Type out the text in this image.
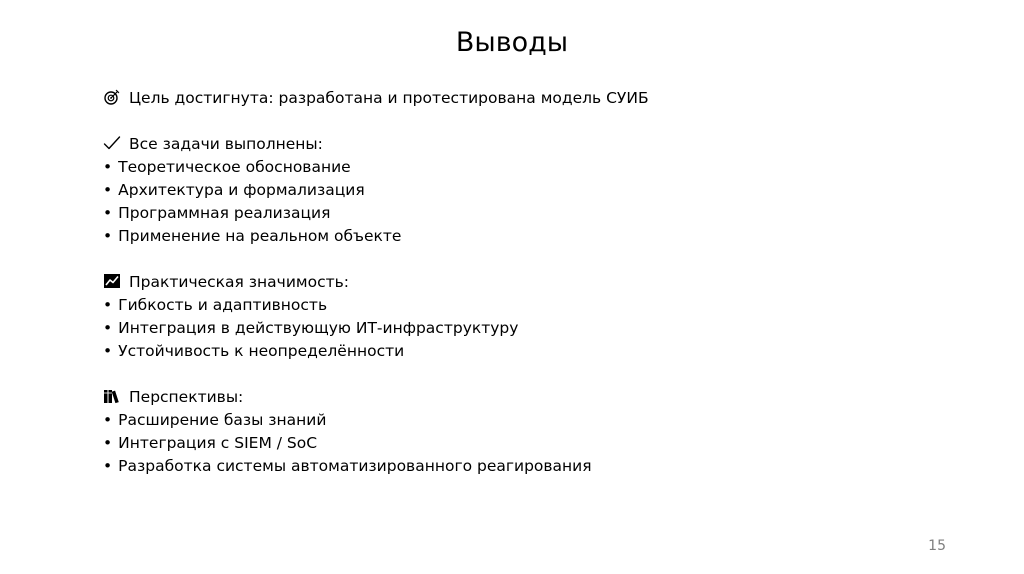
Выводы
Цель достигнута: разработана и протестирована модель СУИБ
Все задачи выполнены:
• Теоретическое обоснование
• Архитектура и формализация
• Программная реализация
• Применение на реальном объекте
Практическая значимость:
• Гибкость и адаптивность
• Интеграция в действующую ИТ-инфраструктуру
• Устойчивость к неопределённости
Перспективы:
• Расширение базы знаний
• Интеграция с SIEM / SoC
• Разработка системы автоматизированного реагирования
15
